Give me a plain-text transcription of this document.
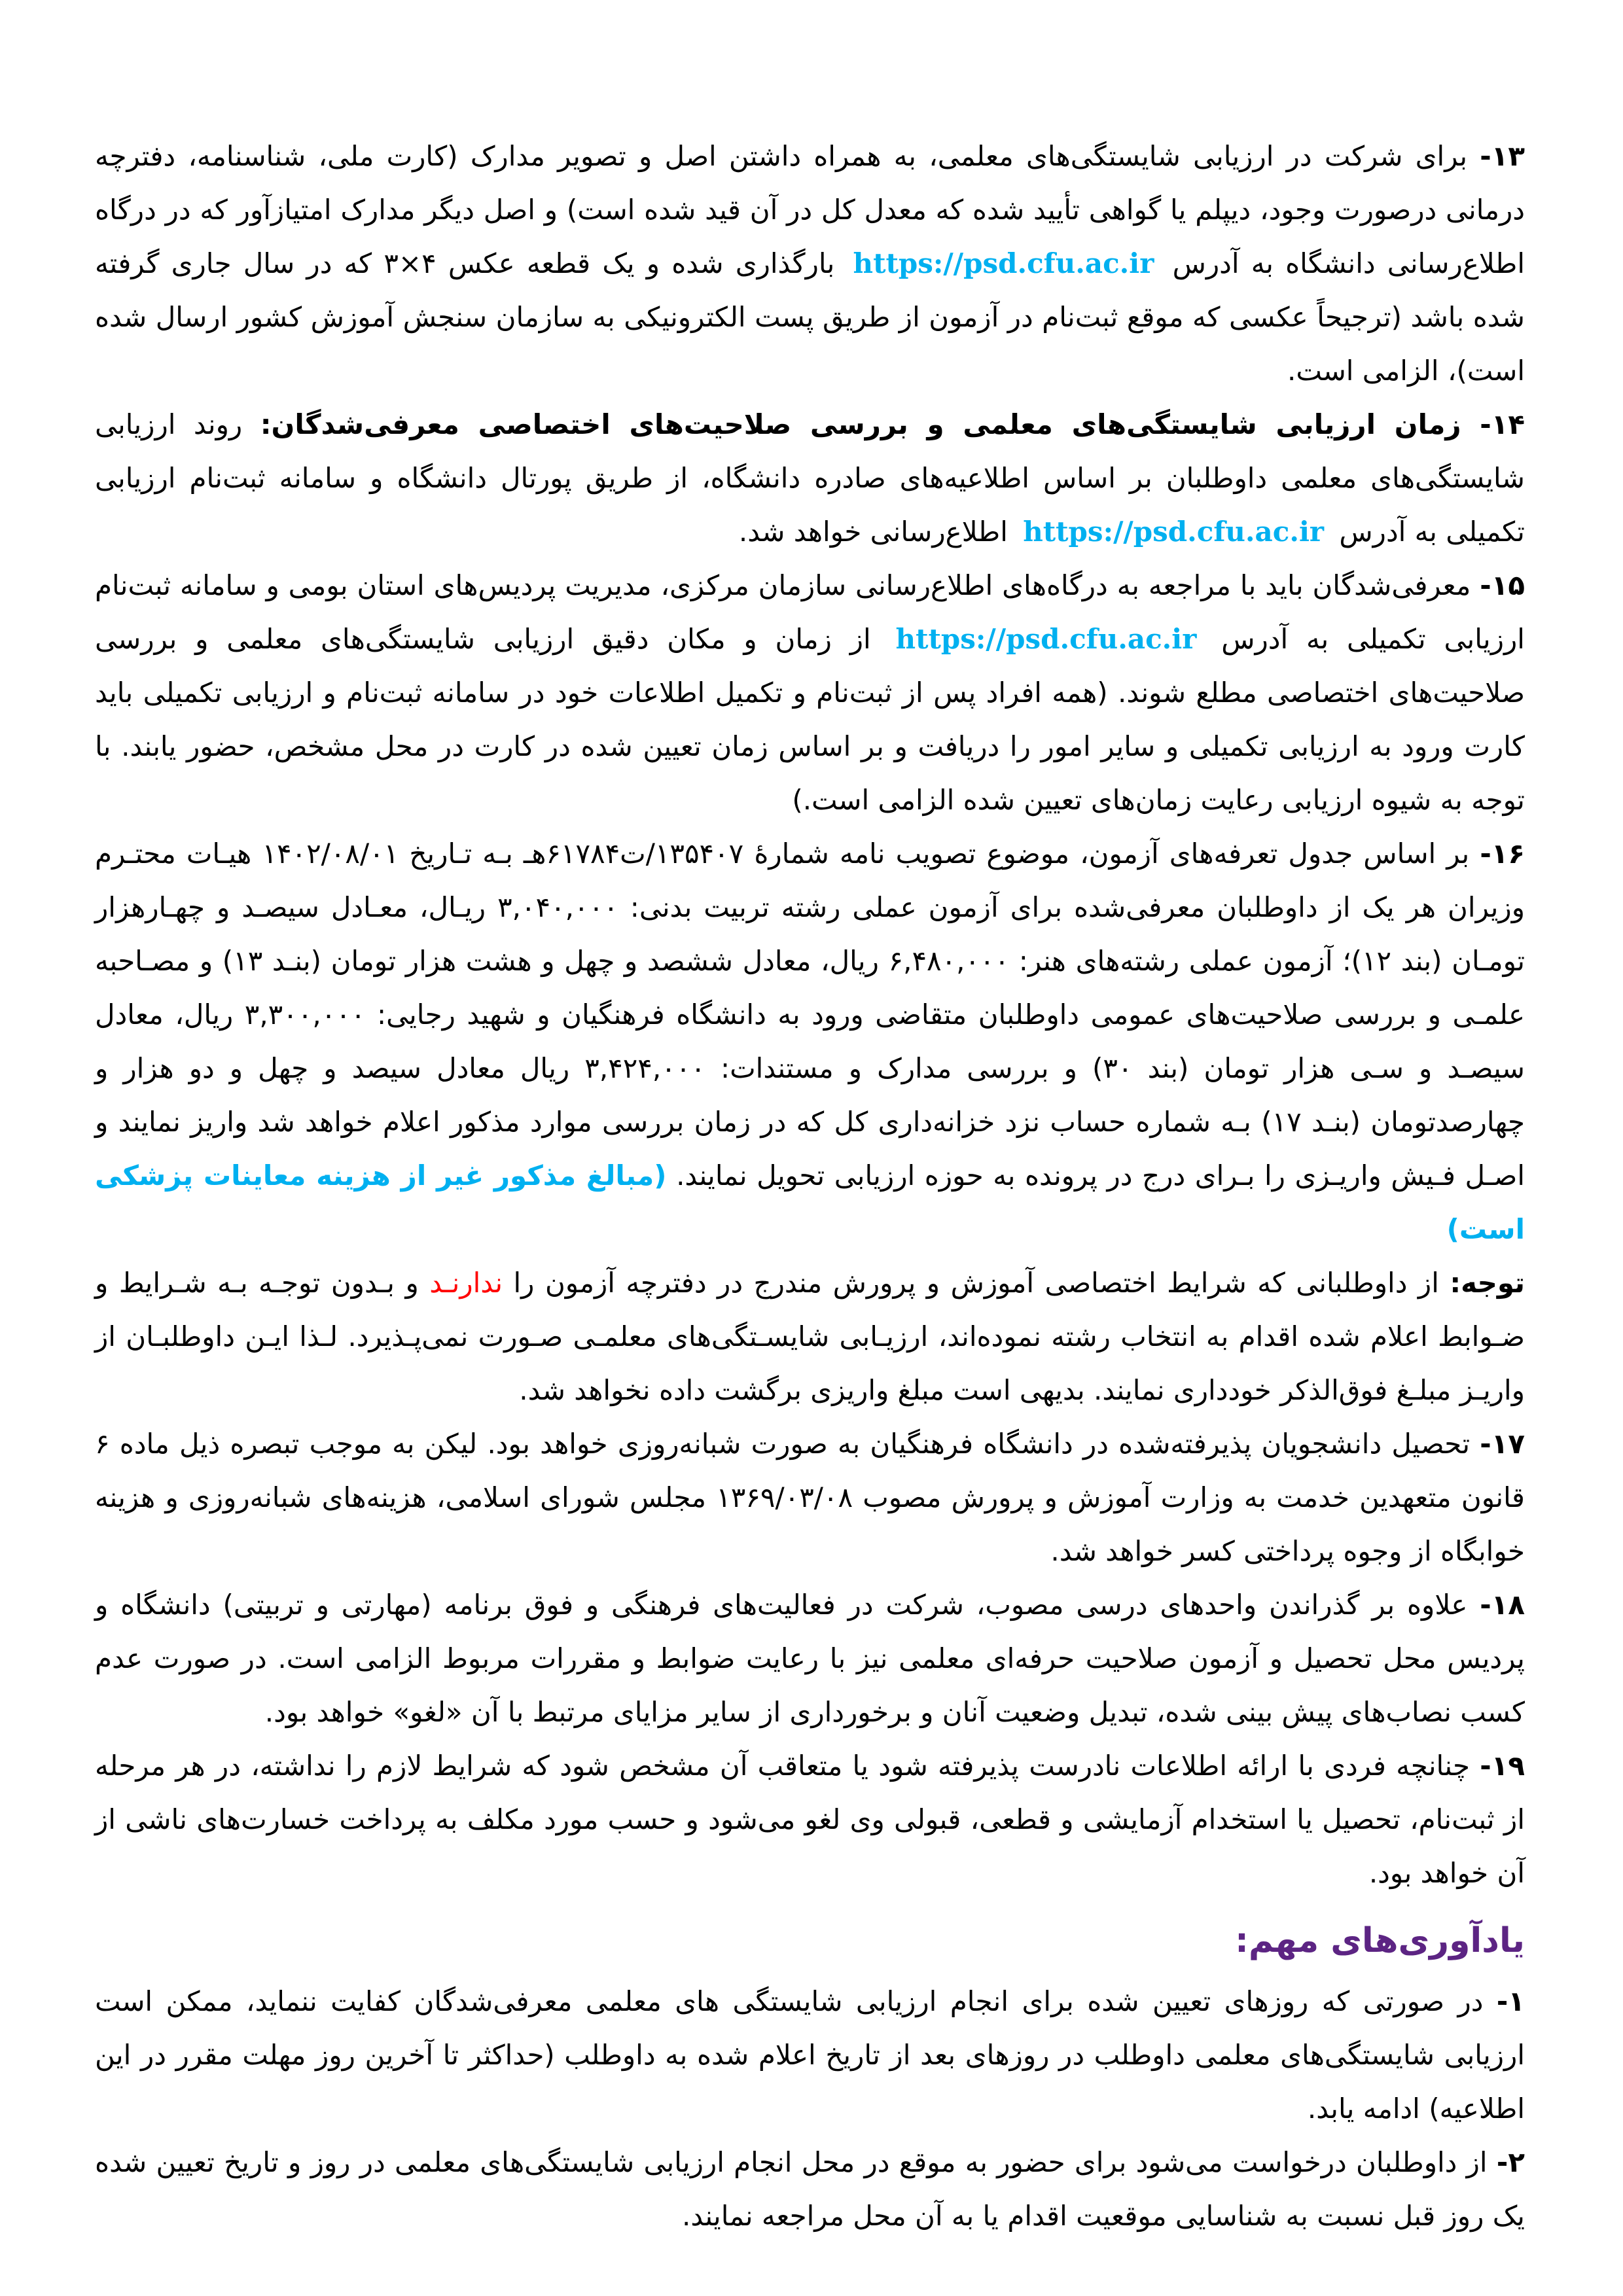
۱۳- برای شرکت در ارزیابی شایستگی‌های معلمی، به همراه داشتن اصل و تصویر مدارک (کارت ملی، شناسنامه، دفترچه درمانی درصورت وجود، دیپلم یا گواهی تأیید شده که معدل کل در آن قید شده است) و اصل دیگر مدارک امتیازآور که در درگاه اطلاع‌رسانی دانشگاه به آدرس https://psd.cfu.ac.ir بارگذاری شده و یک قطعه عکس ۴×۳ که در سال جاری گرفته شده باشد (ترجیحاً عکسی که موقع ثبت‌نام در آزمون از طریق پست الکترونیکی به سازمان سنجش آموزش کشور ارسال شده است)، الزامی است.

۱۴- زمان ارزیابی شایستگی‌های معلمی و بررسی صلاحیت‌های اختصاصی معرفی‌شدگان: روند ارزیابی شایستگی‌های معلمی داوطلبان بر اساس اطلاعیه‌های صادره دانشگاه، از طریق پورتال دانشگاه و سامانه ثبت‌نام ارزیابی تکمیلی به آدرس https://psd.cfu.ac.ir اطلاع‌رسانی خواهد شد.

۱۵- معرفی‌شدگان باید با مراجعه به درگاه‌های اطلاع‌رسانی سازمان مرکزی، مدیریت پردیس‌های استان بومی و سامانه ثبت‌نام ارزیابی تکمیلی به آدرس https://psd.cfu.ac.ir از زمان و مکان دقیق ارزیابی شایستگی‌های معلمی و بررسی صلاحیت‌های اختصاصی مطلع شوند. (همه افراد پس از ثبت‌نام و تکمیل اطلاعات خود در سامانه ثبت‌نام و ارزیابی تکمیلی باید کارت ورود به ارزیابی تکمیلی و سایر امور را دریافت و بر اساس زمان تعیین شده در کارت در محل مشخص، حضور یابند. با توجه به شیوه ارزیابی رعایت زمان‌های تعیین شده الزامی است.)

۱۶- بر اساس جدول تعرفه‌های آزمون، موضوع تصویب نامه شمارهٔ ۱۳۵۴۰۷/ت۶۱۷۸۴هـ بـه تـاریخ ۱۴۰۲/۰۸/۰۱ هیـات محتـرم وزیران هر یک از داوطلبان معرفی‌شده برای آزمون عملی رشته تربیت بدنی: ۳,۰۴۰,۰۰۰ ریـال، معـادل سیصـد و چهـارهزار تومـان (بند ۱۲)؛ آزمون عملی رشته‌های هنر: ۶,۴۸۰,۰۰۰ ریال، معادل ششصد و چهل و هشت هزار تومان (بنـد ۱۳) و مصـاحبه علمـی و بررسی صلاحیت‌های عمومی داوطلبان متقاضی ورود به دانشگاه فرهنگیان و شهید رجایی: ۳,۳۰۰,۰۰۰ ریال، معادل سیصـد و سـی هزار تومان (بند ۳۰) و بررسی مدارک و مستندات: ۳,۴۲۴,۰۰۰ ریال معادل سیصد و چهل و دو هزار و چهارصدتومان (بنـد ۱۷) بـه شماره حساب نزد خزانه‌داری کل که در زمان بررسی موارد مذکور اعلام خواهد شد واریز نمایند و اصـل فـیش واریـزی را بـرای درج در پرونده به حوزه ارزیابی تحویل نمایند. (مبالغ مذکور غیر از هزینه معاینات پزشکی است)

توجه: از داوطلبانی که شرایط اختصاصی آموزش و پرورش مندرج در دفترچه آزمون را ندارنـد و بـدون توجـه بـه شـرایط و ضـوابط اعلام شده اقدام به انتخاب رشته نموده‌اند، ارزیـابی شایسـتگی‌های معلمـی صـورت نمی‌پـذیرد. لـذا ایـن داوطلبـان از واریـز مبلـغ فوق‌الذکر خودداری نمایند. بدیهی است مبلغ واریزی برگشت داده نخواهد شد.

۱۷- تحصیل دانشجویان پذیرفته‌شده در دانشگاه فرهنگیان به صورت شبانه‌روزی خواهد بود. لیکن به موجب تبصره ذیل ماده ۶ قانون متعهدین خدمت به وزارت آموزش و پرورش مصوب ۱۳۶۹/۰۳/۰۸ مجلس شورای اسلامی، هزینه‌های شبانه‌روزی و هزینه خوابگاه از وجوه پرداختی کسر خواهد شد.

۱۸- علاوه بر گذراندن واحدهای درسی مصوب، شرکت در فعالیت‌های فرهنگی و فوق برنامه (مهارتی و تربیتی) دانشگاه و پردیس محل تحصیل و آزمون صلاحیت حرفه‌ای معلمی نیز با رعایت ضوابط و مقررات مربوط الزامی است. در صورت عدم کسب نصاب‌های پیش بینی شده، تبدیل وضعیت آنان و برخورداری از سایر مزایای مرتبط با آن «لغو» خواهد بود.

۱۹- چنانچه فردی با ارائه اطلاعات نادرست پذیرفته شود یا متعاقب آن مشخص شود که شرایط لازم را نداشته، در هر مرحله از ثبت‌نام، تحصیل یا استخدام آزمایشی و قطعی، قبولی وی لغو می‌شود و حسب مورد مکلف به پرداخت خسارت‌های ناشی از آن خواهد بود.

یادآوری‌های مهم:

۱- در صورتی که روزهای تعیین شده برای انجام ارزیابی شایستگی های معلمی معرفی‌شدگان کفایت ننماید، ممکن است ارزیابی شایستگی‌های معلمی داوطلب در روزهای بعد از تاریخ اعلام شده به داوطلب (حداکثر تا آخرین روز مهلت مقرر در این اطلاعیه) ادامه یابد.

۲- از داوطلبان درخواست می‌شود برای حضور به موقع در محل انجام ارزیابی شایستگی‌های معلمی در روز و تاریخ تعیین شده یک روز قبل نسبت به شناسایی موقعیت اقدام یا به آن محل مراجعه نمایند.
